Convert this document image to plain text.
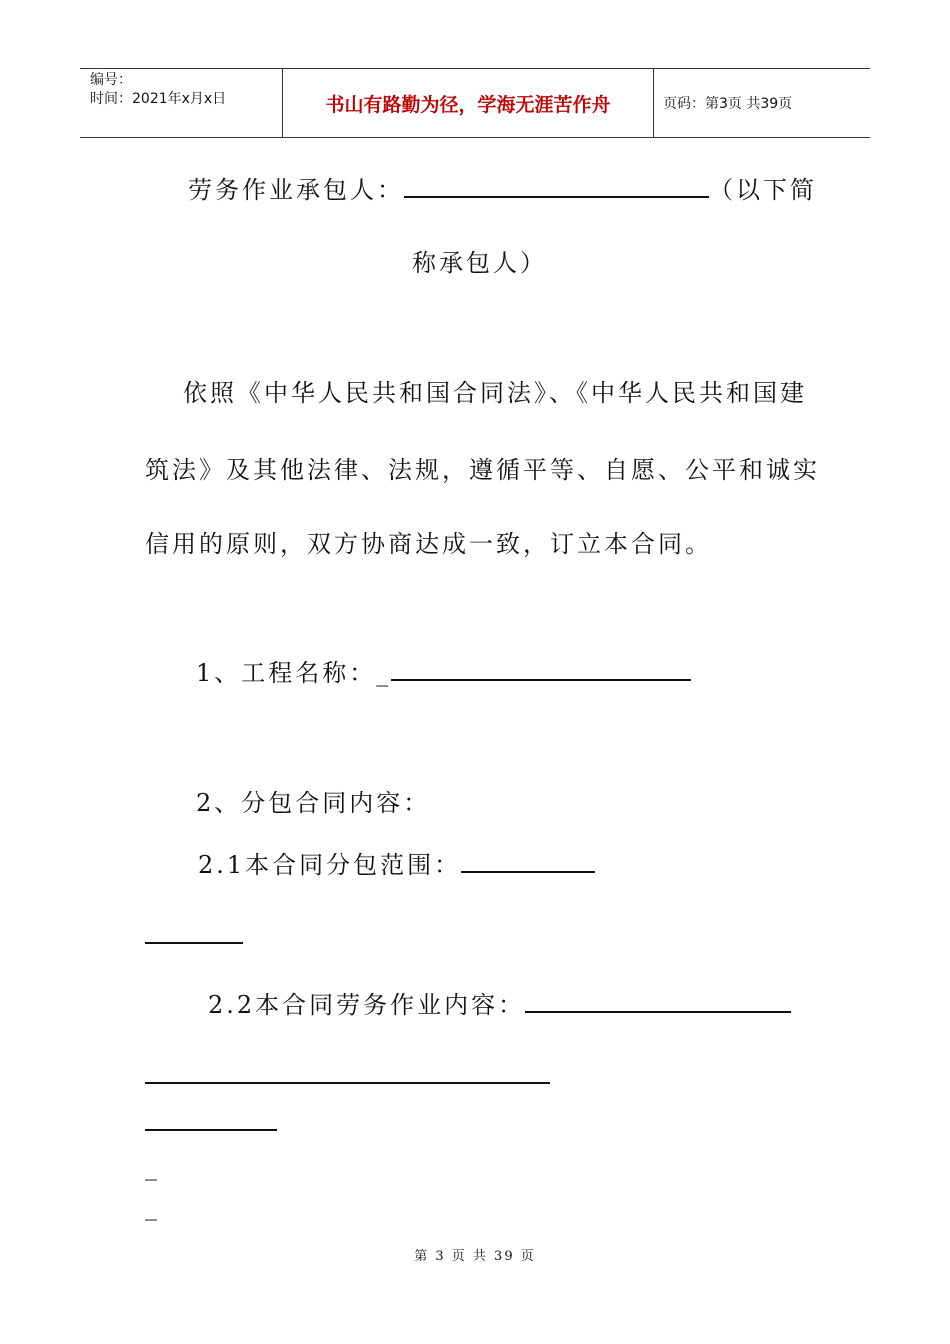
编号：
时间：2021年x月x日	书山有路勤为径，学海无涯苦作舟	页码：第3页 共39页
劳务作业承包人：	（以下简
称承包人）
依照《中华人民共和国合同法》、《中华人民共和国建
筑法》及其他法律、法规，遵循平等、自愿、公平和诚实
信用的原则，双方协商达成一致，订立本合同。
1、工程名称：_
2、分包合同内容：
2.1本合同分包范围：
2.2本合同劳务作业内容：
_
_
第 3 页 共 39 页
